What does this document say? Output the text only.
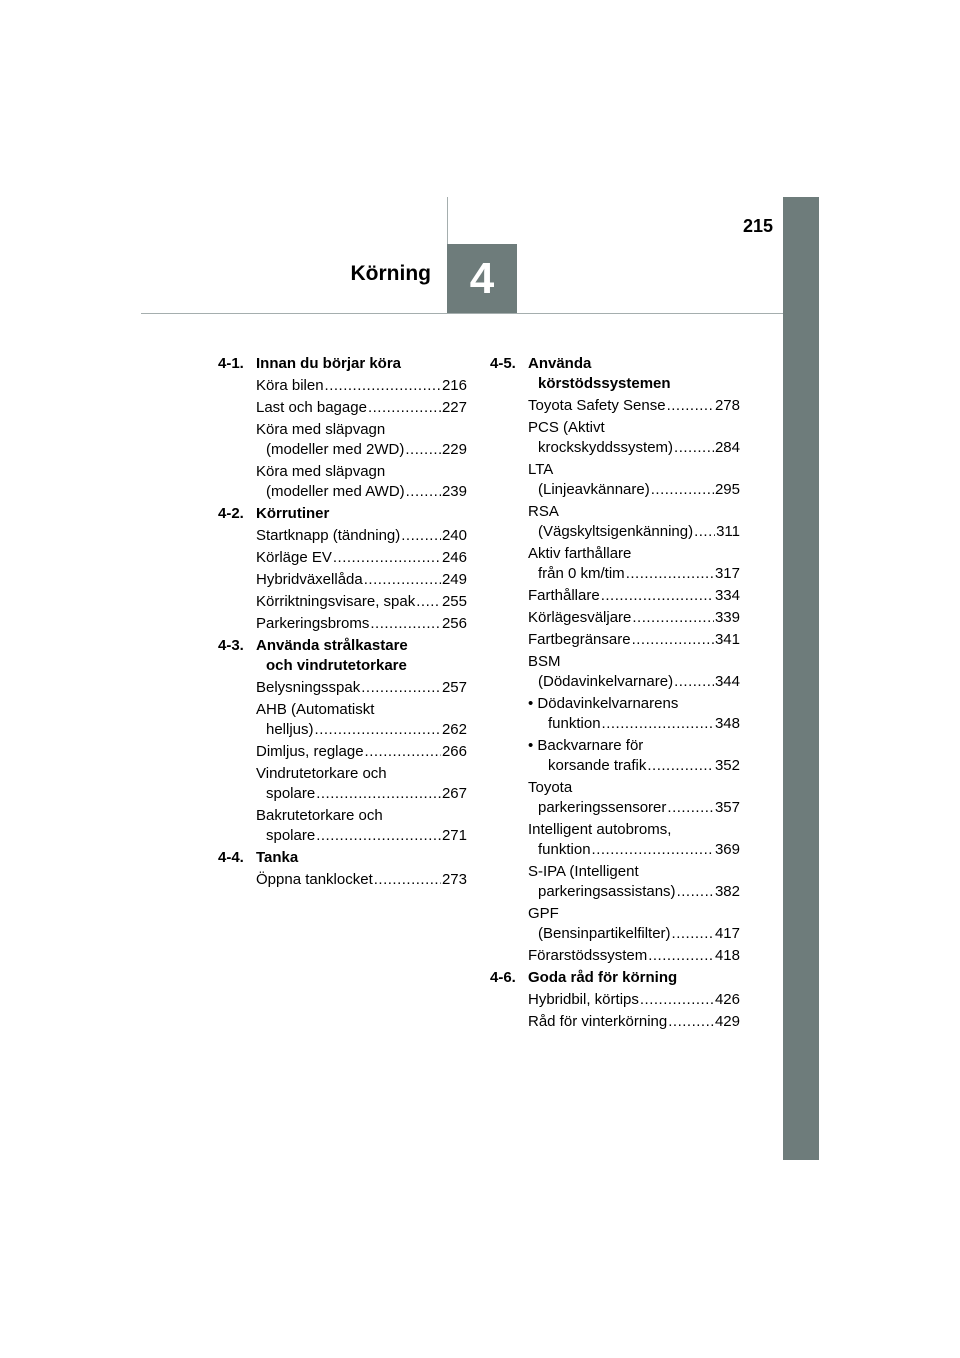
215
Körning 4
4-1. Innan du börjar köra
Köra bilen .....	216
Last och bagage .....	227
Köra med släpvagn
(modeller med 2WD) .....	229
Köra med släpvagn
(modeller med AWD) ..... 239
4-2. Körrutiner
Startknapp (tändning) .....	240
Körläge EV .....	246
Hybridväxellåda .....	249
Körriktningsvisare, spak ..... 255
Parkeringsbroms .....	256
4-3. Använda strålkastare
och vindrutetorkare
Belysningsspak .....	257
AHB (Automatiskt
helljus) .....	262
Dimljus, reglage .....	266
Vindrutetorkare och
spolare .....	267
Bakrutetorkare och
spolare .....	271
4-4. Tanka
Öppna tanklocket .....	273
4-5. Använda
körstödssystemen
Toyota Safety Sense .....	278
PCS (Aktivt
krockskyddssystem) .....	284
LTA
(Linjeavkännare) .....	295
RSA
(Vägskyltsigenkänning) ..... 311
Aktiv farthållare
från 0 km/tim .....	317
Farthållare .....	334
Körlägesväljare .....	339
Fartbegränsare .....	341
BSM
(Dödavinkelvarnare) .....	344
• Dödavinkelvarnarens
funktion .....	348
• Backvarnare för
korsande trafik .....	352
Toyota
parkeringssensorer .....	357
Intelligent autobroms,
funktion .....	369
S-IPA (Intelligent
parkeringsassistans) .....	382
GPF
(Bensinpartikelfilter) .....	417
Förarstödssystem .....	418
4-6. Goda råd för körning
Hybridbil, körtips .....	426
Råd för vinterkörning .....	429
